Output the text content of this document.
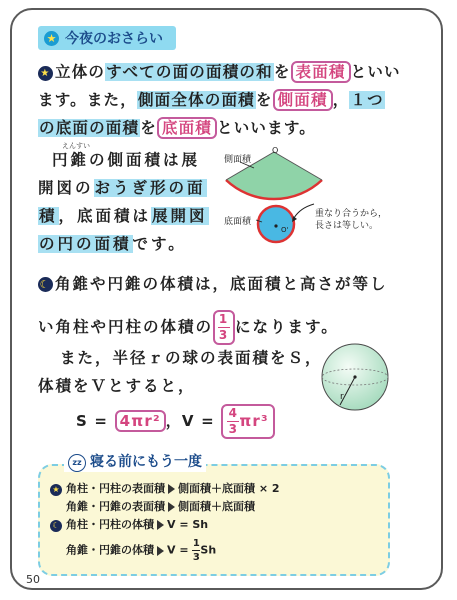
★ 今夜のおさらい
★ 立体のすべての面の面積の和を 表面積 といい
ます。また，側面全体の面積を 側面積 ，１つ
の底面の面積を 底面積 といいます。
えんすい
円錐の側面積は展
開図のおうぎ形の面
積，底面積は展開図
の円の面積です。
側面積
O
底面積
O'
重なり合うから，
長さは等しい。
☾ 角錐や円錐の体積は，底面積と高さが等し
い角柱や円柱の体積の $\frac{1}{3}$ になります。
また，半径ｒの球の表面積をＳ，
体積をＶとすると，
S = 4πr² ，$V = \frac{4}{3} \pi r^3$
r
zz 寝る前にもう一度
★ 角柱・円柱の表面積 側面積＋底面積 × 2
角錐・円錐の表面積 側面積＋底面積
☾ 角柱・円柱の体積 V = Sh
角錐・円錐の体積 $V = \frac{1}{3}$ Sh
50
